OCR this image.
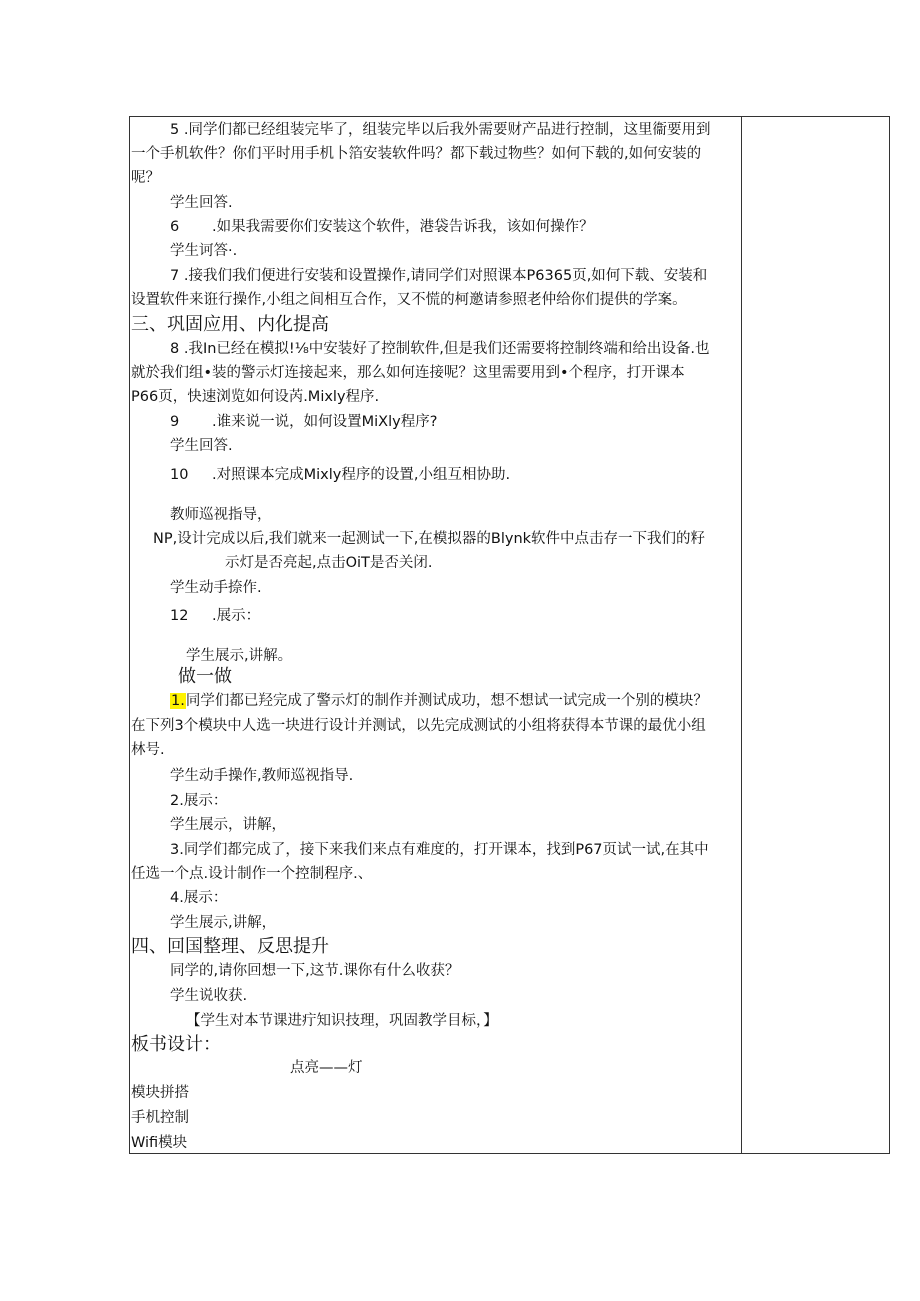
5 .同学们都已经组装完毕了，组装完毕以后我外需要财产品进行控制，这里衞要用到
一个手机软件？你们平时用手机卜箔安装软件吗？都下载过物些？如何下载的,如何安装的
呢？
学生回答.
6 .如果我需要你们安装这个软件，港袋告诉我，该如何操作？
学生诃答·.
7 .接我们我们便进行安装和设置操作,请同学们对照课本P6365页,如何下载、安装和
设置软件来诳行操作,小组之间相互合作，又不慌的柯邀请参照老仲给你们提供的学案。
三、巩固应用、内化提高
8 .我In已经在模拟!⅛中安装好了控制软件,但是我们还需要将控制终端和给出设备.也
就於我们组•装的警示灯连接起来，那么如何连接呢？这里需要用到•个程序，打开课本
P66页，快速浏览如何设芮.Mixly程序.
9 .谁来说一说，如何设置MiXly程序?
学生回答.
10 .对照课本完成Mixly程序的设置,小组互相协助.
教师巡视指导，
NP,设计完成以后,我们就来一起测试一下,在模拟器的Blynk软件中点击存一下我们的籽
示灯是否亮起,点击OiT是否关闭.
学生动手捺作.
12 .展示：
学生展示,讲解。
做一做
1.同学们都已羟完成了警示灯的制作并测试成功，想不想试一试完成一个别的模块？
在下列3个模块中人选一块进行设计并测试，以先完成测试的小组将获得本节课的最优小组
林号.
学生动手操作,教师巡视指导.
2.展示：
学生展示，讲解，
3.同学们都完成了，接下来我们来点有难度的，打开课本，找到P67页试一试,在其中
任选一个点.设计制作一个控制程序.、
4.展示：
学生展示,讲解，
四、回国整理、反思提升
同学的,请你回想一下,这节.课你有什么收获？
学生说收获.
【学生对本节课进疔知识技理，巩固教学目标，】
板书设计：
点亮——灯
模块拼搭
手机控制
Wifi模块
